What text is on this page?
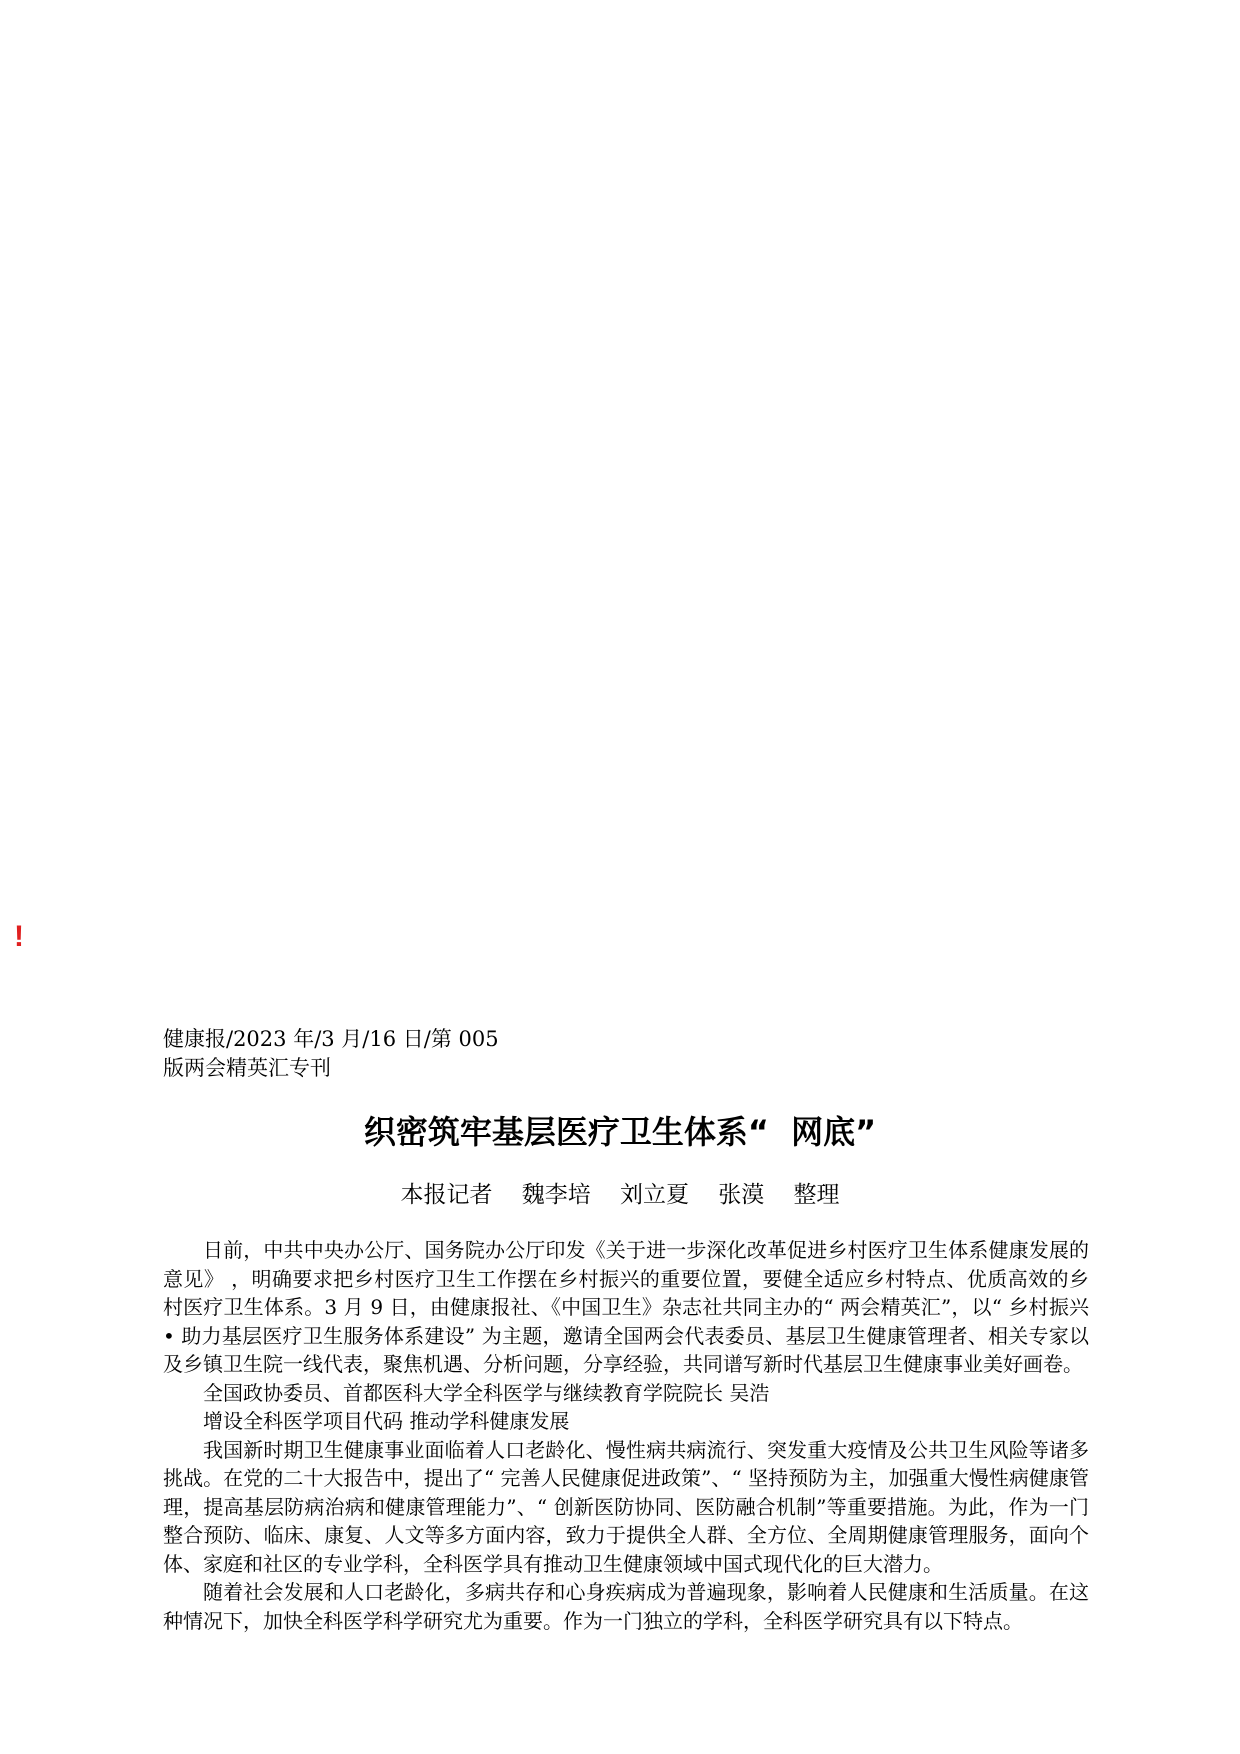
!
健康报/2023 年/3 月/16 日/第 005
版两会精英汇专刊
织密筑牢基层医疗卫生体系“  网底”
本报记者    魏李培    刘立夏    张漠    整理

日前，中共中央办公厅、国务院办公厅印发《关于进一步深化改革促进乡村医疗卫生体系健康发展的意见》 ，明确要求把乡村医疗卫生工作摆在乡村振兴的重要位置，要健全适应乡村特点、优质高效的乡村医疗卫生体系。3 月 9 日，由健康报社、《中国卫生》杂志社共同主办的“ 两会精英汇”，以“ 乡村振兴 • 助力基层医疗卫生服务体系建设” 为主题，邀请全国两会代表委员、基层卫生健康管理者、相关专家以及乡镇卫生院一线代表，聚焦机遇、分析问题，分享经验，共同谱写新时代基层卫生健康事业美好画卷。

全国政协委员、首都医科大学全科医学与继续教育学院院长 吴浩

增设全科医学项目代码 推动学科健康发展

我国新时期卫生健康事业面临着人口老龄化、慢性病共病流行、突发重大疫情及公共卫生风险等诸多挑战。在党的二十大报告中，提出了“ 完善人民健康促进政策”、“ 坚持预防为主，加强重大慢性病健康管理，提高基层防病治病和健康管理能力”、“ 创新医防协同、医防融合机制”等重要措施。为此，作为一门整合预防、临床、康复、人文等多方面内容，致力于提供全人群、全方位、全周期健康管理服务，面向个体、家庭和社区的专业学科，全科医学具有推动卫生健康领域中国式现代化的巨大潜力。

随着社会发展和人口老龄化，多病共存和心身疾病成为普遍现象，影响着人民健康和生活质量。在这种情况下，加快全科医学科学研究尤为重要。作为一门独立的学科，全科医学研究具有以下特点。
